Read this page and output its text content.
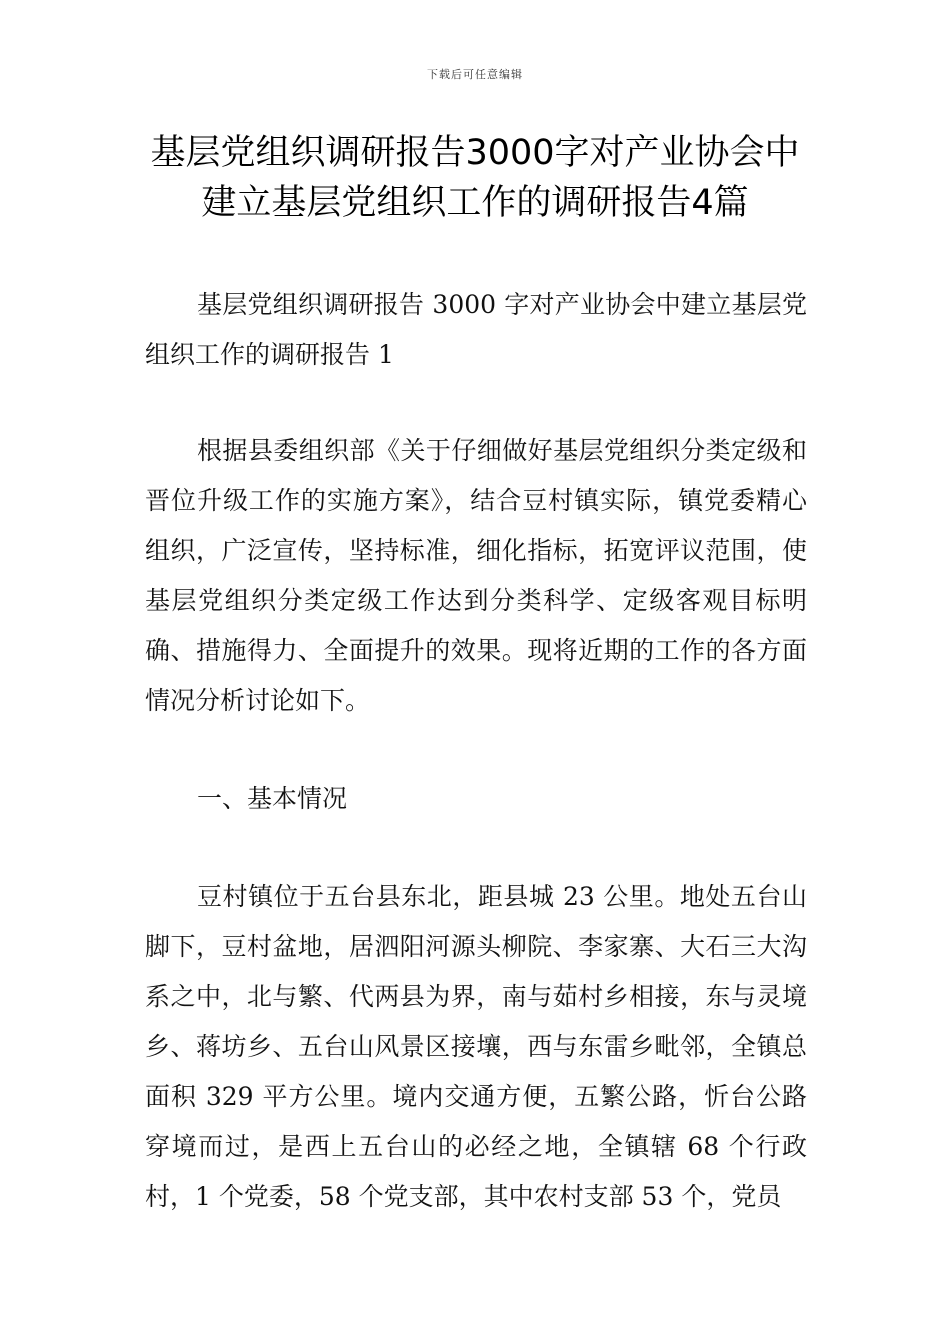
下载后可任意编辑
基层党组织调研报告3000字对产业协会中
建立基层党组织工作的调研报告4篇
基层党组织调研报告 3000 字对产业协会中建立基层党组织工作的调研报告 1
根据县委组织部《关于仔细做好基层党组织分类定级和晋位升级工作的实施方案》，结合豆村镇实际，镇党委精心组织，广泛宣传，坚持标准，细化指标，拓宽评议范围，使基层党组织分类定级工作达到分类科学、定级客观目标明确、措施得力、全面提升的效果。现将近期的工作的各方面情况分析讨论如下。
一、基本情况
豆村镇位于五台县东北，距县城 23 公里。地处五台山脚下，豆村盆地，居泗阳河源头柳院、李家寨、大石三大沟系之中，北与繁、代两县为界，南与茹村乡相接，东与灵境乡、蒋坊乡、五台山风景区接壤，西与东雷乡毗邻，全镇总面积 329 平方公里。境内交通方便，五繁公路，忻台公路穿境而过，是西上五台山的必经之地，全镇辖 68 个行政村，1 个党委，58 个党支部，其中农村支部 53 个，党员
